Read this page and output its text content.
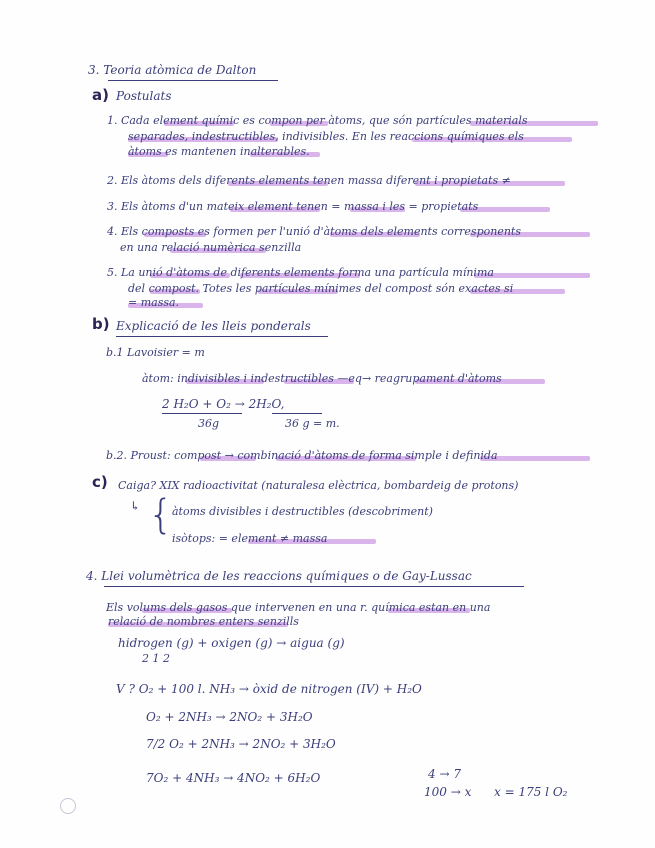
3. Teoria atòmica de Dalton
a) Postulats
1. Cada element químic es compon per àtoms, que són partícules materials
separades, indestructibles, indivisibles. En les reaccions químiques els
àtoms es mantenen inalterables.
2. Els àtoms dels diferents elements tenen massa diferent i propietats ≠
3. Els àtoms d'un mateix element tenen = massa i les = propietats
4. Els composts es formen per l'unió d'àtoms dels elements corresponents
en una relació numèrica senzilla
5. La unió d'àtoms de diferents elements forma una partícula mínima
del compost. Totes les partícules mínimes del compost són exactes si
= massa.
b) Explicació de les lleis ponderals
b.1 Lavoisier = m
àtom: indivisibles i indestructibles —eq→ reagrupament d'àtoms
2 H₂O + O₂ → 2H₂O,
36g	36 g = m.
b.2. Proust: compost → combinació d'àtoms de forma simple i definida
c) Caiga? XIX radioactivitat (naturalesa elèctrica, bombardeig de protons)
↳ {
àtoms divisibles i destructibles (descobriment)
isòtops: = element ≠ massa
4. Llei volumètrica de les reaccions químiques o de Gay-Lussac
Els volums dels gasos que intervenen en una r. química estan en una
relació de nombres enters senzills
hidrogen (g) + oxigen (g) → aigua (g)
2 1 2
V ? O₂ + 100 l. NH₃ → òxid de nitrogen (IV) + H₂O
O₂ + 2NH₃ → 2NO₂ + 3H₂O
7/2 O₂ + 2NH₃ → 2NO₂ + 3H₂O
7O₂ + 4NH₃ → 4NO₂ + 6H₂O	4 → 7
100 → x x = 175 l O₂
